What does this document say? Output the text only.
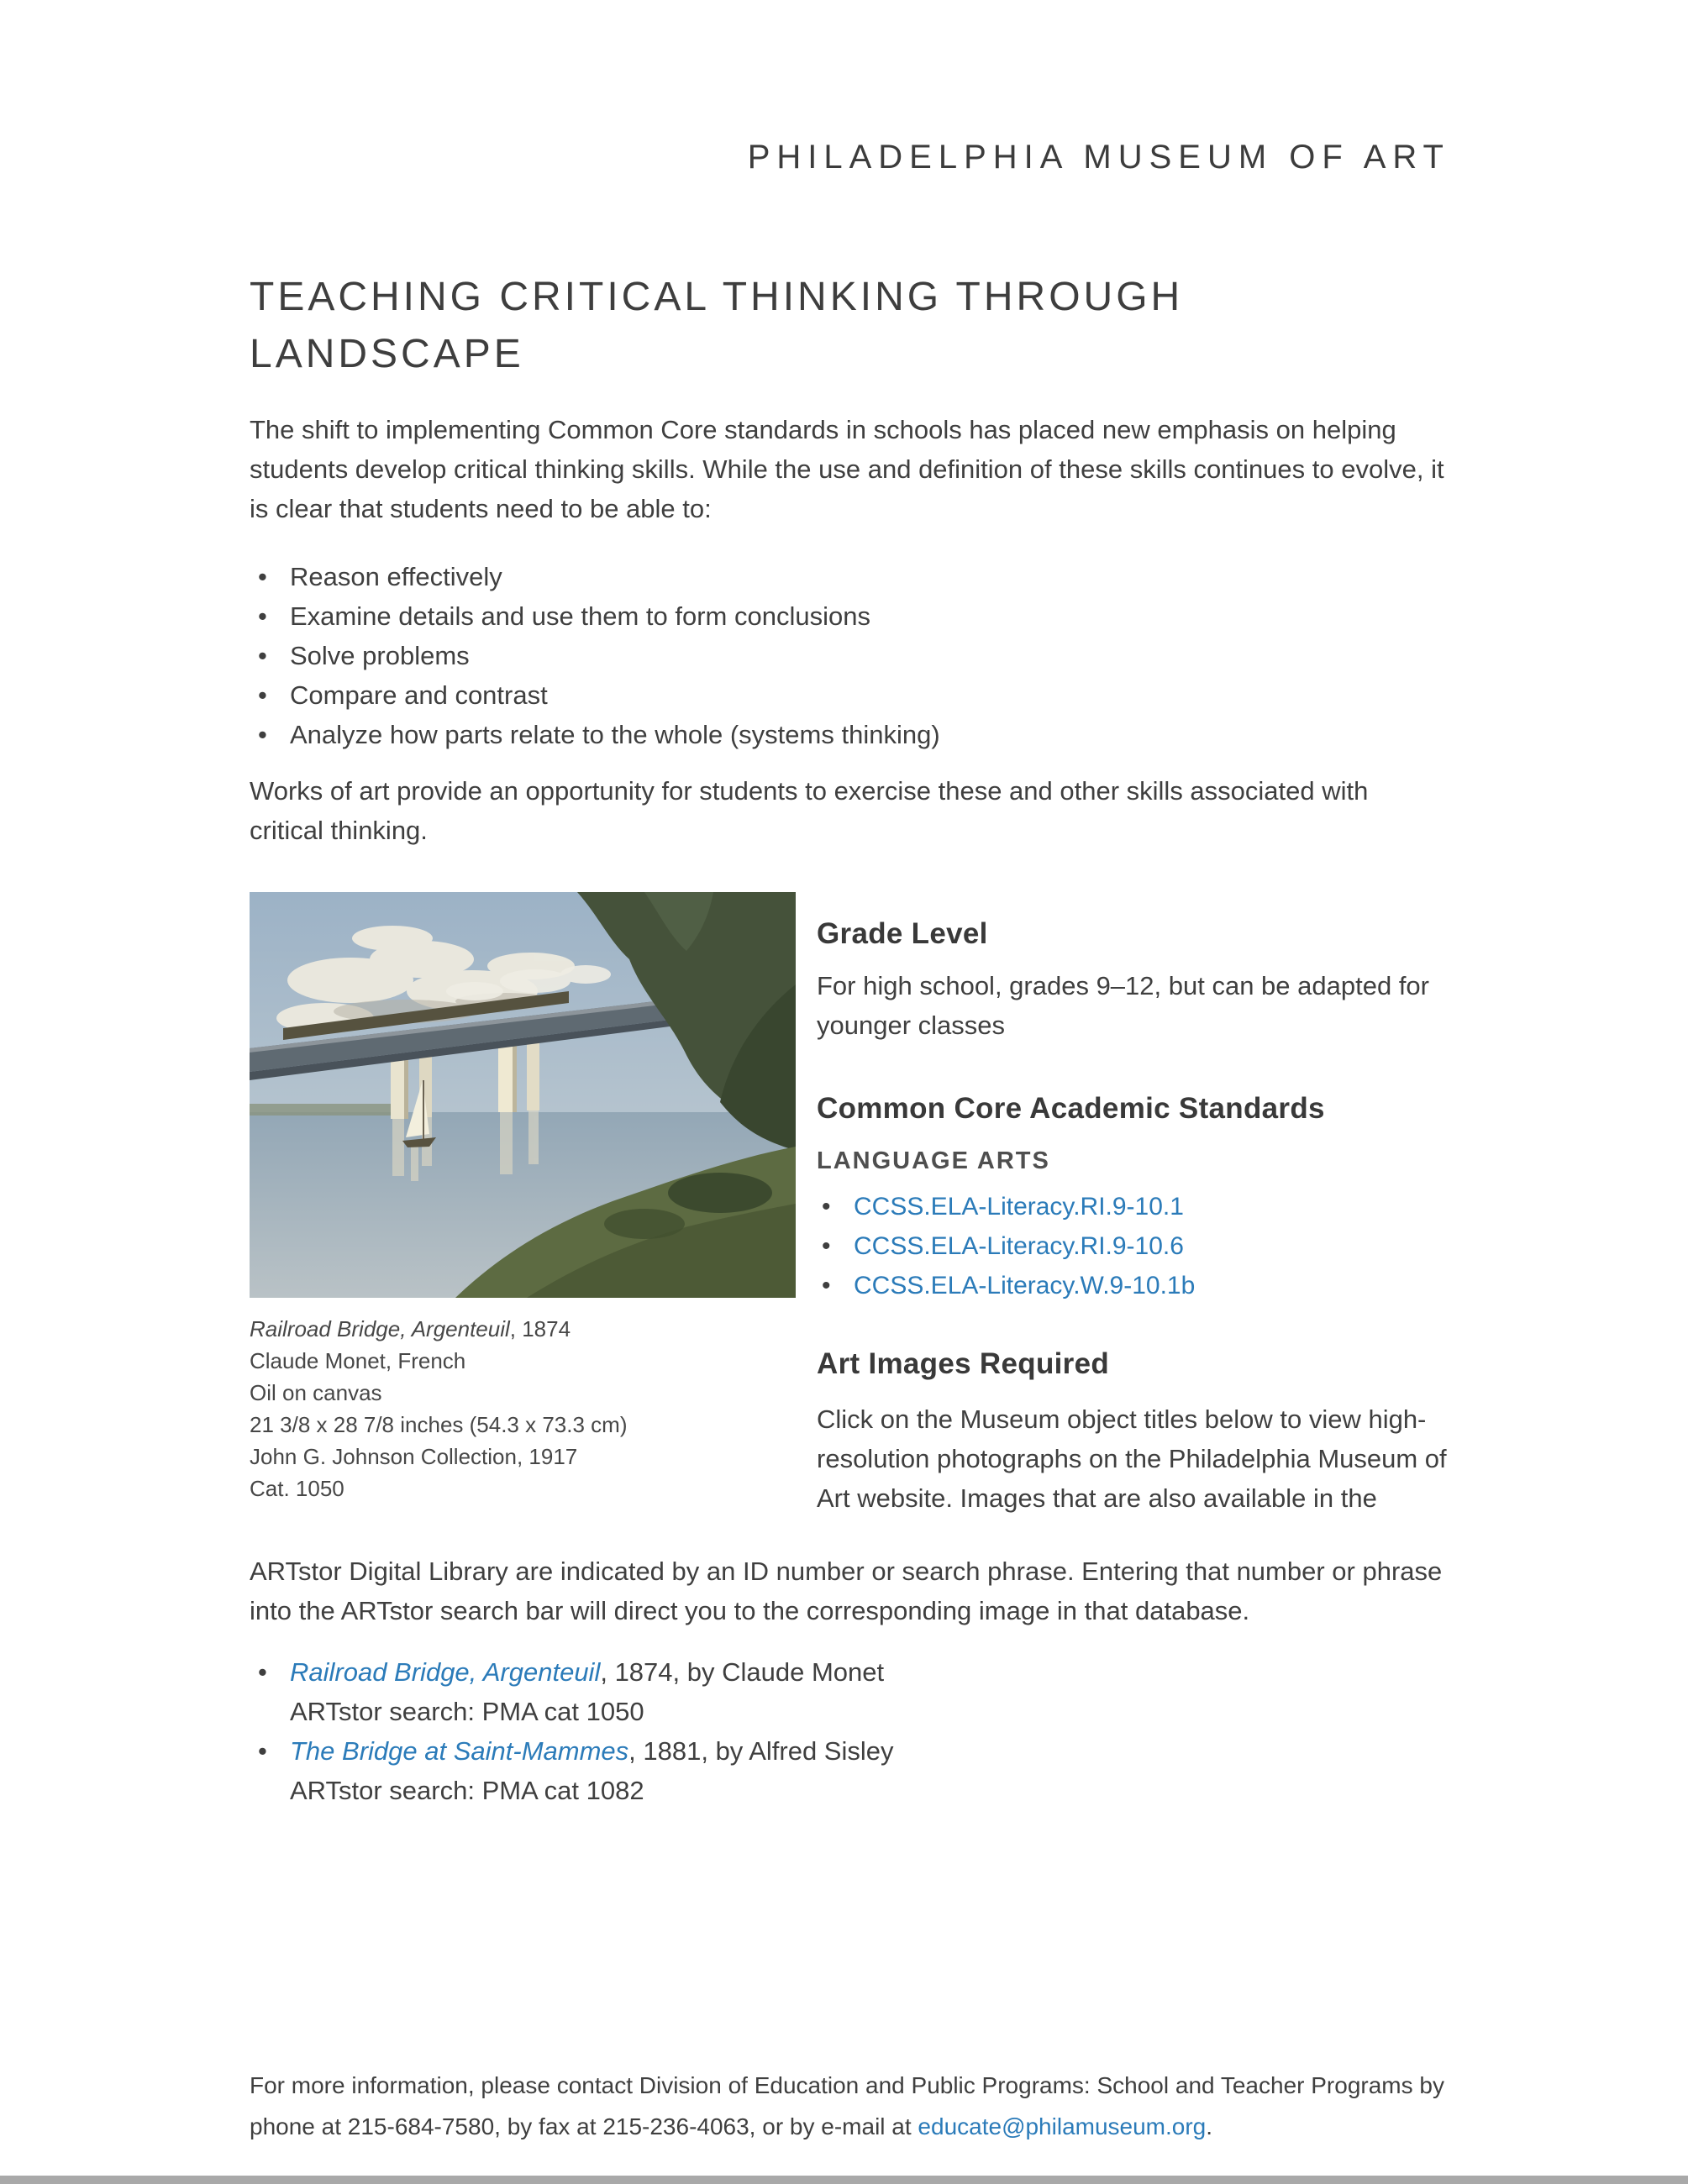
PHILADELPHIA MUSEUM OF ART
TEACHING CRITICAL THINKING THROUGH LANDSCAPE

The shift to implementing Common Core standards in schools has placed new emphasis on helping students develop critical thinking skills. While the use and definition of these skills continues to evolve, it is clear that students need to be able to:

• Reason effectively
• Examine details and use them to form conclusions
• Solve problems
• Compare and contrast
• Analyze how parts relate to the whole (systems thinking)

Works of art provide an opportunity for students to exercise these and other skills associated with critical thinking.

Railroad Bridge, Argenteuil, 1874
Claude Monet, French
Oil on canvas
21 3/8 x 28 7/8 inches (54.3 x 73.3 cm)
John G. Johnson Collection, 1917
Cat. 1050
Grade Level

For high school, grades 9–12, but can be adapted for younger classes

Common Core Academic Standards
LANGUAGE ARTS
• CCSS.ELA-Literacy.RI.9-10.1
• CCSS.ELA-Literacy.RI.9-10.6
• CCSS.ELA-Literacy.W.9-10.1b
Art Images Required

Click on the Museum object titles below to view high-resolution photographs on the Philadelphia Museum of Art website. Images that are also available in the

ARTstor Digital Library are indicated by an ID number or search phrase. Entering that number or phrase into the ARTstor search bar will direct you to the corresponding image in that database.

• Railroad Bridge, Argenteuil, 1874, by Claude Monet
ARTstor search: PMA cat 1050
• The Bridge at Saint-Mammes, 1881, by Alfred Sisley
ARTstor search: PMA cat 1082
For more information, please contact Division of Education and Public Programs: School and Teacher Programs by phone at 215-684-7580, by fax at 215-236-4063, or by e-mail at educate@philamuseum.org.
